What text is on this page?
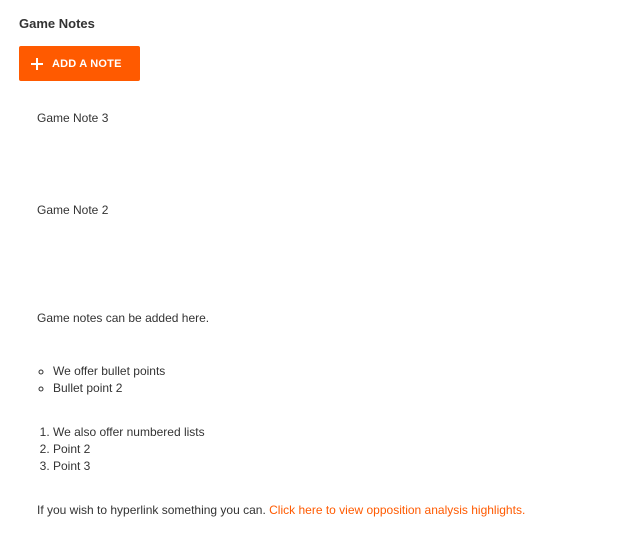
Game Notes
ADD A NOTE
Game Note 3
Game Note 2

Game notes can be added here.

◦ We offer bullet points
◦ Bullet point 2
1. We also offer numbered lists
2. Point 2
3. Point 3

If you wish to hyperlink something you can. Click here to view opposition analysis highlights.
